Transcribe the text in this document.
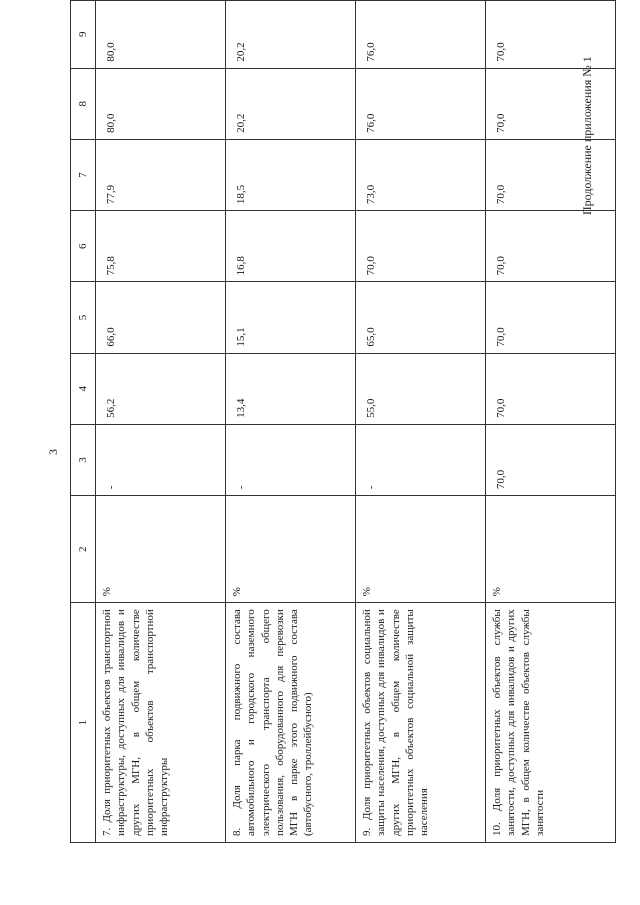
Продолжение приложения № 1
3
1	2	3	4	5	6	7	8	9
7. Доля приоритетных объектов транспортной инфраструктуры, доступных для инвалидов и других МГН, в общем количестве приоритетных объектов транспортной инфраструктуры	%	-	56,2	66,0	75,8	77,9	80,0	80,0
8. Доля парка подвижного состава автомобильного и городского наземного электрического транспорта общего пользования, оборудованного для перевозки МГН в парке этого подвижного состава (автобусного, троллейбусного)	%	-	13,4	15,1	16,8	18,5	20,2	20,2
9. Доля приоритетных объектов социальной защиты населения, доступных для инвалидов и других МГН, в общем количестве приоритетных объектов социальной защиты населения	%	-	55,0	65,0	70,0	73,0	76,0	76,0
10. Доля приоритетных объектов службы занятости, доступных для инвалидов и других МГН, в общем количестве объектов службы занятости	%	70,0	70,0	70,0	70,0	70,0	70,0	70,0
